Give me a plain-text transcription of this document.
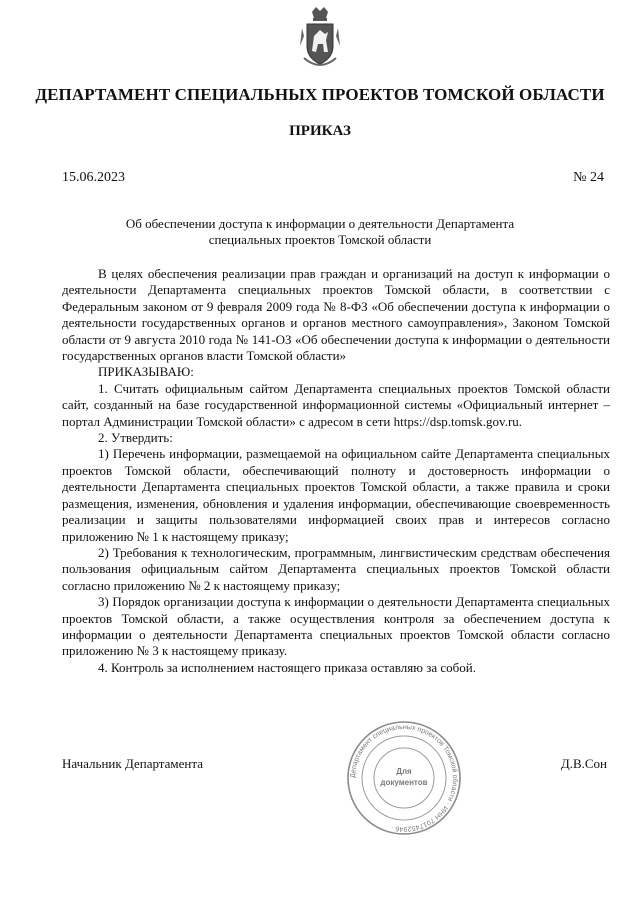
ДЕПАРТАМЕНТ СПЕЦИАЛЬНЫХ ПРОЕКТОВ ТОМСКОЙ ОБЛАСТИ
ПРИКАЗ
15.06.2023	№ 24
Об обеспечении доступа к информации о деятельности Департамента специальных проектов Томской области

В целях обеспечения реализации прав граждан и организаций на доступ к информации о деятельности Департамента специальных проектов Томской области, в соответствии с Федеральным законом от 9 февраля 2009 года № 8-ФЗ «Об обеспечении доступа к информации о деятельности государственных органов и органов местного самоуправления», Законом Томской области от 9 августа 2010 года № 141-ОЗ «Об обеспечении доступа к информации о деятельности государственных органов власти Томской области»

ПРИКАЗЫВАЮ:

1. Считать официальным сайтом Департамента специальных проектов Томской области сайт, созданный на базе государственной информационной системы «Официальный интернет – портал Администрации Томской области» с адресом в сети https://dsp.tomsk.gov.ru.

2. Утвердить:

1) Перечень информации, размещаемой на официальном сайте Департамента специальных проектов Томской области, обеспечивающий полноту и достоверность информации о деятельности Департамента специальных проектов Томской области, а также правила и сроки размещения, изменения, обновления и удаления информации, обеспечивающие своевременность реализации и защиты пользователями информацией своих прав и интересов согласно приложению № 1 к настоящему приказу;

2) Требования к технологическим, программным, лингвистическим средствам обеспечения пользования официальным сайтом Департамента специальных проектов Томской области согласно приложению № 2 к настоящему приказу;

3) Порядок организации доступа к информации о деятельности Департамента специальных проектов Томской области, а также осуществления контроля за обеспечением доступа к информации о деятельности Департамента специальных проектов Томской области согласно приложению № 3 к настоящему приказу.

4. Контроль за исполнением настоящего приказа оставляю за собой.

Начальник Департамента	Д.В.Сон
Департамент специальных проектов Томской области · ИНН 7017452946 ·
Для
документов
